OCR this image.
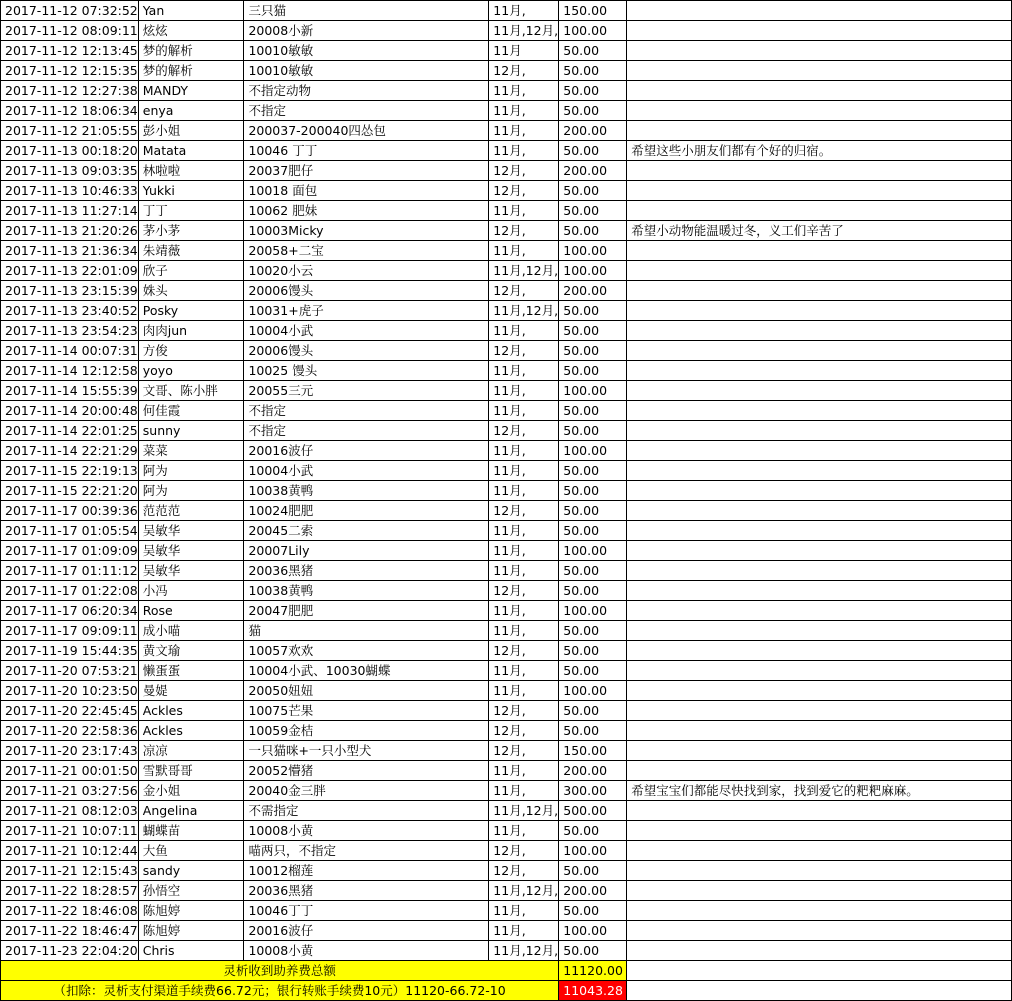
2017-11-12 07:32:52	Yan	三只猫	11月,	150.00	
2017-11-12 08:09:11	炫炫	20008小新	11月,12月,	100.00	
2017-11-12 12:13:45	梦的解析	10010敏敏	11月	50.00	
2017-11-12 12:15:35	梦的解析	10010敏敏	12月,	50.00	
2017-11-12 12:27:38	MANDY	不指定动物	11月,	50.00	
2017-11-12 18:06:34	enya	不指定	11月,	50.00	
2017-11-12 21:05:55	彭小姐	200037-200040四怂包	11月,	200.00	
2017-11-13 00:18:20	Matata	10046 丁丁	11月,	50.00	希望这些小朋友们都有个好的归宿。
2017-11-13 09:03:35	林啦啦	20037肥仔	12月,	200.00	
2017-11-13 10:46:33	Yukki	10018 面包	12月,	50.00	
2017-11-13 11:27:14	丁丁	10062 肥妹	11月,	50.00	
2017-11-13 21:20:26	茅小茅	10003Micky	12月,	50.00	希望小动物能温暖过冬，义工们辛苦了
2017-11-13 21:36:34	朱靖薇	20058+二宝	11月,	100.00	
2017-11-13 22:01:09	欣子	10020小云	11月,12月,	100.00	
2017-11-13 23:15:39	姝头	20006馒头	12月,	200.00	
2017-11-13 23:40:52	Posky	10031+虎子	11月,12月,	50.00	
2017-11-13 23:54:23	肉肉jun	10004小武	11月,	50.00	
2017-11-14 00:07:31	方俊	20006馒头	12月,	50.00	
2017-11-14 12:12:58	yoyo	10025 馒头	11月,	50.00	
2017-11-14 15:55:39	文哥、陈小胖	20055三元	11月,	100.00	
2017-11-14 20:00:48	何佳霞	不指定	11月,	50.00	
2017-11-14 22:01:25	sunny	不指定	12月,	50.00	
2017-11-14 22:21:29	菜菜	20016波仔	11月,	100.00	
2017-11-15 22:19:13	阿为	10004小武	11月,	50.00	
2017-11-15 22:21:20	阿为	10038黄鸭	11月,	50.00	
2017-11-17 00:39:36	范范范	10024肥肥	12月,	50.00	
2017-11-17 01:05:54	吴敏华	20045二索	11月,	50.00	
2017-11-17 01:09:09	吴敏华	20007Lily	11月,	100.00	
2017-11-17 01:11:12	吴敏华	20036黑猪	11月,	50.00	
2017-11-17 01:22:08	小冯	10038黄鸭	12月,	50.00	
2017-11-17 06:20:34	Rose	20047肥肥	11月,	100.00	
2017-11-17 09:09:11	成小喵	猫	11月,	50.00	
2017-11-19 15:44:35	黄文瑜	10057欢欢	12月,	50.00	
2017-11-20 07:53:21	懒蛋蛋	10004小武、10030蝴蝶	11月,	50.00	
2017-11-20 10:23:50	曼媞	20050妞妞	11月,	100.00	
2017-11-20 22:45:45	Ackles	10075芒果	12月,	50.00	
2017-11-20 22:58:36	Ackles	10059金桔	12月,	50.00	
2017-11-20 23:17:43	凉凉	一只猫咪+一只小型犬	12月,	150.00	
2017-11-21 00:01:50	雪默哥哥	20052懵猪	11月,	200.00	
2017-11-21 03:27:56	金小姐	20040金三胖	11月,	300.00	希望宝宝们都能尽快找到家，找到爱它的粑粑麻麻。
2017-11-21 08:12:03	Angelina	不需指定	11月,12月,	500.00	
2017-11-21 10:07:11	蝴蝶苗	10008小黄	11月,	50.00	
2017-11-21 10:12:44	大鱼	喵两只，不指定	12月,	100.00	
2017-11-21 12:15:43	sandy	10012榴莲	12月,	50.00	
2017-11-22 18:28:57	孙悟空	20036黑猪	11月,12月,	200.00	
2017-11-22 18:46:08	陈旭婷	10046丁丁	11月,	50.00	
2017-11-22 18:46:47	陈旭婷	20016波仔	11月,	100.00	
2017-11-23 22:04:20	Chris	10008小黄	11月,12月,	50.00	
灵析收到助养费总额				11120.00	
（扣除：灵析支付渠道手续费66.72元；银行转账手续费10元）11120-66.72-10				11043.28	
